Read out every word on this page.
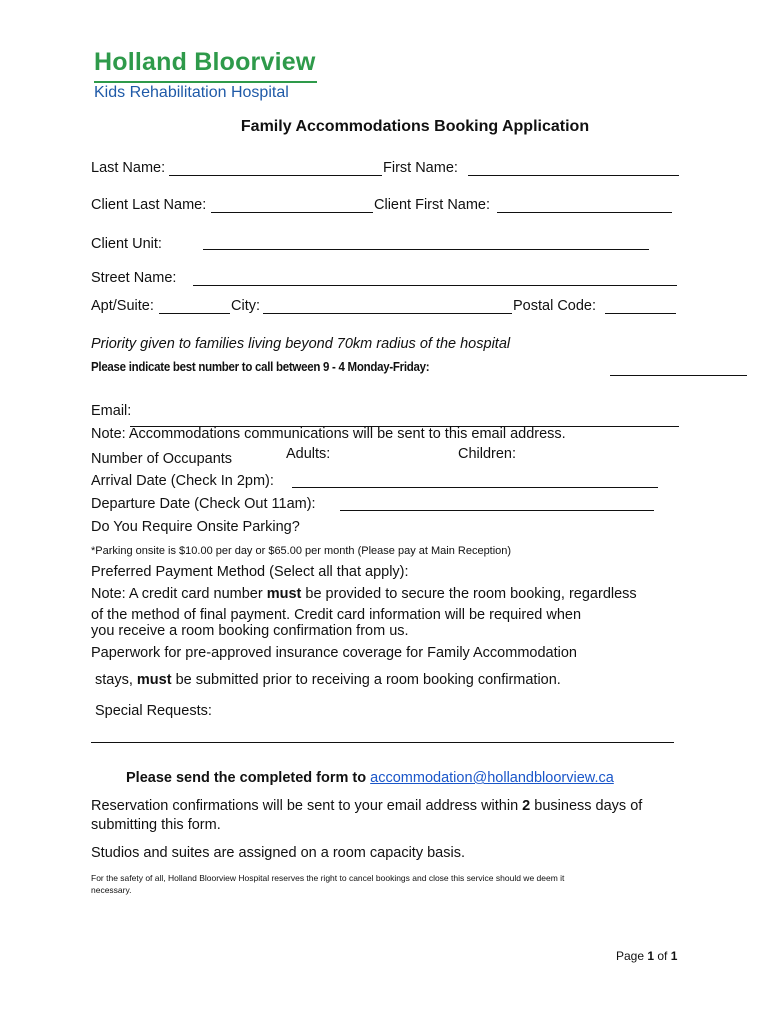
Holland Bloorview
Kids Rehabilitation Hospital
Family Accommodations Booking Application
Last Name:	First Name:
Client Last Name:	Client First Name:
Client Unit:
Street Name:
Apt/Suite:	City:	Postal Code:
Priority given to families living beyond 70km radius of the hospital
Please indicate best number to call between 9 - 4 Monday-Friday:
Email:
Note: Accommodations communications will be sent to this email address.
Number of Occupants	Adults:	Children:
Arrival Date (Check In 2pm):
Departure Date (Check Out 11am):
Do You Require Onsite Parking?
*Parking onsite is $10.00 per day or $65.00 per month (Please pay at Main Reception)
Preferred Payment Method (Select all that apply):
Note: A credit card number must be provided to secure the room booking, regardless
of the method of final payment. Credit card information will be required when
you receive a room booking confirmation from us.
Paperwork for pre-approved insurance coverage for Family Accommodation
stays, must be submitted prior to receiving a room booking confirmation.
Special Requests:
Please send the completed form to accommodation@hollandbloorview.ca
Reservation confirmations will be sent to your email address within 2 business days of
submitting this form.
Studios and suites are assigned on a room capacity basis.
For the safety of all, Holland Bloorview Hospital reserves the right to cancel bookings and close this service should we deem it
necessary.
Page 1 of 1
